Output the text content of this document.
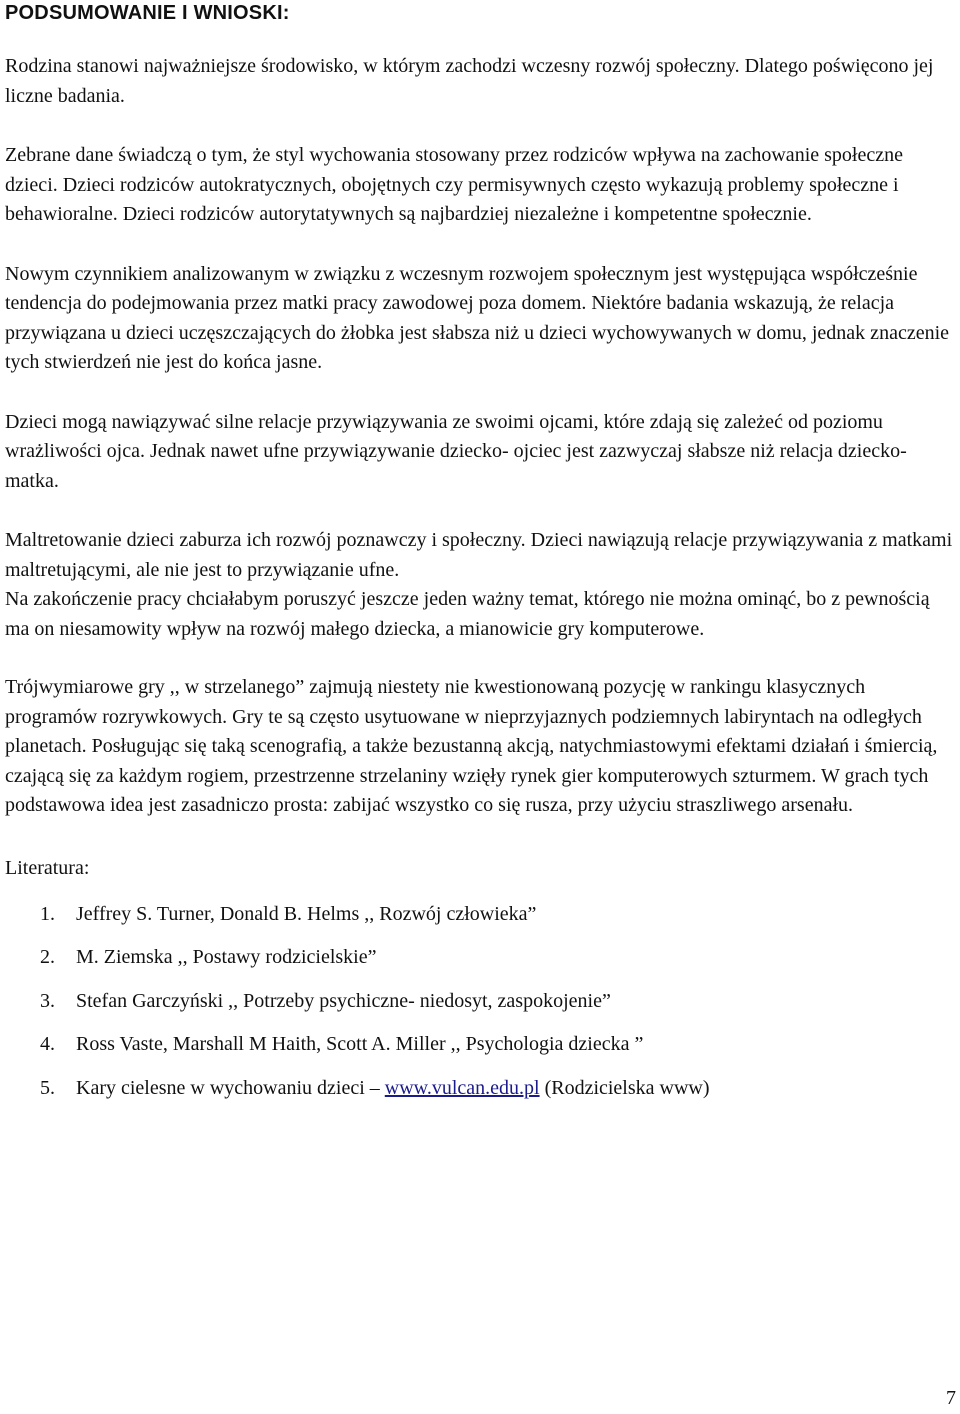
PODSUMOWANIE I WNIOSKI:

Rodzina stanowi najważniejsze środowisko, w którym zachodzi wczesny rozwój społeczny. Dlatego poświęcono jej liczne badania.

Zebrane dane świadczą o tym, że styl wychowania stosowany przez rodziców wpływa na zachowanie społeczne dzieci. Dzieci rodziców autokratycznych, obojętnych czy permisywnych często wykazują problemy społeczne i behawioralne. Dzieci rodziców autorytatywnych są najbardziej niezależne i kompetentne społecznie.

Nowym czynnikiem analizowanym w związku z wczesnym rozwojem społecznym jest występująca współcześnie tendencja do podejmowania przez matki pracy zawodowej poza domem. Niektóre badania wskazują, że relacja przywiązana u dzieci uczęszczających do żłobka jest słabsza niż u dzieci wychowywanych w domu, jednak znaczenie tych stwierdzeń nie jest do końca jasne.

Dzieci mogą nawiązywać silne relacje przywiązywania ze swoimi ojcami, które zdają się zależeć od poziomu wrażliwości ojca. Jednak nawet ufne przywiązywanie dziecko- ojciec jest zazwyczaj słabsze niż relacja dziecko- matka.

Maltretowanie dzieci zaburza ich rozwój poznawczy i społeczny. Dzieci nawiązują relacje przywiązywania z matkami maltretującymi, ale nie jest to przywiązanie ufne.

Na zakończenie pracy chciałabym poruszyć jeszcze jeden ważny temat, którego nie można ominąć, bo z pewnością ma on niesamowity wpływ na rozwój małego dziecka, a mianowicie gry komputerowe.

Trójwymiarowe gry ,, w strzelanego” zajmują niestety nie kwestionowaną pozycję w rankingu klasycznych programów rozrywkowych. Gry te są często usytuowane w nieprzyjaznych podziemnych labiryntach na odległych planetach. Posługując się taką scenografią, a także bezustanną akcją, natychmiastowymi efektami działań i śmiercią, czającą się za każdym rogiem, przestrzenne strzelaniny wzięły rynek gier komputerowych szturmem. W grach tych podstawowa idea jest zasadniczo prosta: zabijać wszystko co się rusza, przy użyciu straszliwego arsenału.

Literatura:
1.	Jeffrey S. Turner, Donald B. Helms ,, Rozwój człowieka”
2.	M. Ziemska ,, Postawy rodzicielskie”
3.	Stefan Garczyński ,, Potrzeby psychiczne- niedosyt, zaspokojenie”
4.	Ross Vaste, Marshall M Haith, Scott A. Miller ,, Psychologia dziecka ”
5.	Kary cielesne w wychowaniu dzieci – www.vulcan.edu.pl (Rodzicielska www)
7
